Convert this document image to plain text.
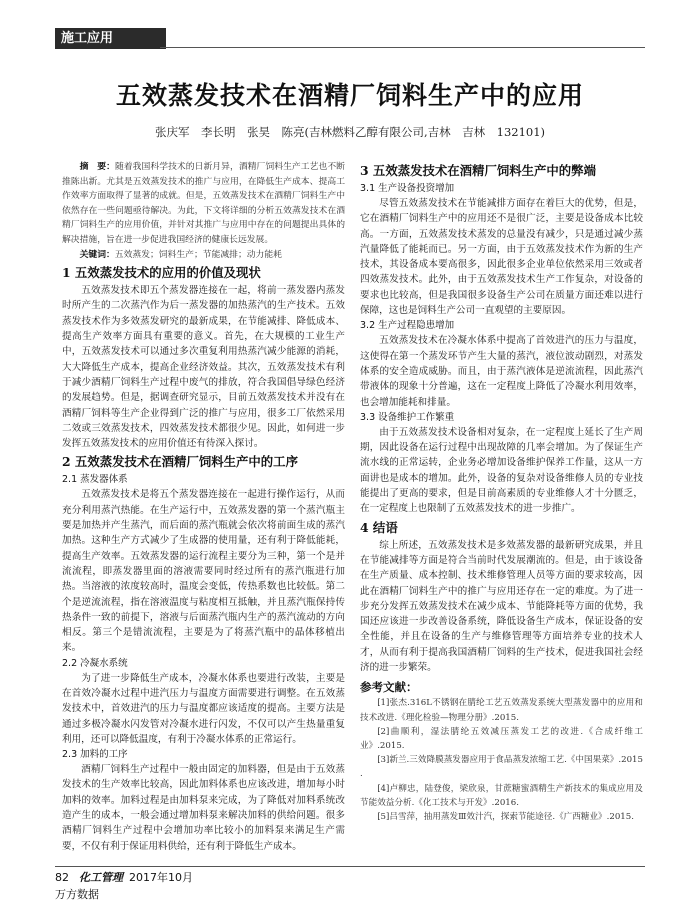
施工应用
五效蒸发技术在酒精厂饲料生产中的应用
张庆军　李长明　张昊　陈亮(吉林燃料乙醇有限公司,吉林　吉林　132101)

摘　要：随着我国科学技术的日新月异，酒精厂饲料生产工艺也不断推陈出新。尤其是五效蒸发技术的推广与应用，在降低生产成本、提高工作效率方面取得了显著的成就。但是，五效蒸发技术在酒精厂饲料生产中依然存在一些问题亟待解决。为此，下文将详细的分析五效蒸发技术在酒精厂饲料生产的应用价值，并针对其推广与应用中存在的问题提出具体的解决措施，旨在进一步促进我国经济的健康长远发展。

关键词：五效蒸发；饲料生产；节能减排；动力能耗

1 五效蒸发技术的应用的价值及现状

五效蒸发技术即五个蒸发器连接在一起，将前一蒸发器内蒸发时所产生的二次蒸汽作为后一蒸发器的加热蒸汽的生产技术。五效蒸发技术作为多效蒸发研究的最新成果，在节能减排、降低成本、提高生产效率方面具有重要的意义。首先，在大规模的工业生产中，五效蒸发技术可以通过多次重复利用热蒸汽减少能源的消耗，大大降低生产成本，提高企业经济效益。其次，五效蒸发技术有利于减少酒精厂饲料生产过程中废气的排放，符合我国倡导绿色经济的发展趋势。但是，据调查研究显示，目前五效蒸发技术并没有在酒精厂饲料等生产企业得到广泛的推广与应用，很多工厂依然采用二效或三效蒸发技术，四效蒸发技术都很少见。因此，如何进一步发挥五效蒸发技术的应用价值还有待深入探讨。

2 五效蒸发技术在酒精厂饲料生产中的工序
2.1 蒸发器体系

五效蒸发技术是将五个蒸发器连接在一起进行操作运行，从而充分利用蒸汽热能。在生产运行中，五效蒸发器的第一个蒸汽瓶主要是加热并产生蒸汽，而后面的蒸汽瓶就会依次将前面生成的蒸汽加热。这种生产方式减少了生成器的使用量，还有利于降低能耗，提高生产效率。五效蒸发器的运行流程主要分为三种，第一个是并流流程，即蒸发器里面的溶液需要同时经过所有的蒸汽瓶进行加热。当溶液的浓度较高时，温度会变低，传热系数也比较低。第二个是逆流流程，指在溶液温度与粘度相互抵触，并且蒸汽瓶保持传热条件一致的前提下，溶液与后面蒸汽瓶内生产的蒸汽流动的方向相反。第三个是错流流程，主要是为了将蒸汽瓶中的晶体移植出来。

2.2 冷凝水系统

为了进一步降低生产成本，冷凝水体系也要进行改装，主要是在首效冷凝水过程中进汽压力与温度方面需要进行调整。在五效蒸发技术中，首效进汽的压力与温度都应该适度的提高。主要方法是通过多极冷凝水闪发管对冷凝水进行闪发，不仅可以产生热量重复利用，还可以降低温度，有利于冷凝水体系的正常运行。

2.3 加料的工序

酒精厂饲料生产过程中一般由固定的加料器，但是由于五效蒸发技术的生产效率比较高，因此加料体系也应该改进，增加每小时加料的效率。加料过程是由加料泵来完成，为了降低对加料系统改造产生的成本，一般会通过增加料泵来解决加料的供给问题。很多酒精厂饲料生产过程中会增加功率比较小的加料泵来满足生产需要，不仅有利于保证用料供给，还有利于降低生产成本。

3 五效蒸发技术在酒精厂饲料生产中的弊端
3.1 生产设备投资增加

尽管五效蒸发技术在节能减排方面存在着巨大的优势，但是，它在酒精厂饲料生产中的应用还不是很广泛，主要是设备成本比较高。一方面，五效蒸发技术蒸发的总量没有减少，只是通过减少蒸汽量降低了能耗而已。另一方面，由于五效蒸发技术作为新的生产技术，其设备成本要高很多，因此很多企业单位依然采用三效或者四效蒸发技术。此外，由于五效蒸发技术生产工作复杂，对设备的要求也比较高，但是我国很多设备生产公司在质量方面还难以进行保障，这也是饲料生产公司一直观望的主要原因。

3.2 生产过程隐患增加

五效蒸发技术在冷凝水体系中提高了首效进汽的压力与温度，这使得在第一个蒸发环节产生大量的蒸汽，液位波动剧烈，对蒸发体系的安全造成威胁。而且，由于蒸汽液体是逆流流程，因此蒸汽带液体的现象十分普遍，这在一定程度上降低了冷凝水利用效率，也会增加能耗和排量。

3.3 设备维护工作繁重

由于五效蒸发技术设备相对复杂，在一定程度上延长了生产周期，因此设备在运行过程中出现故障的几率会增加。为了保证生产流水线的正常运转，企业务必增加设备维护保养工作量，这从一方面讲也是成本的增加。此外，设备的复杂对设备维修人员的专业技能提出了更高的要求，但是目前高素质的专业维修人才十分匮乏，在一定程度上也限制了五效蒸发技术的进一步推广。

4 结语

综上所述，五效蒸发技术是多效蒸发器的最新研究成果，并且在节能减排等方面是符合当前时代发展潮流的。但是，由于该设备在生产质量、成本控制、技术维修管理人员等方面的要求较高，因此在酒精厂饲料生产中的推广与应用还存在一定的难度。为了进一步充分发挥五效蒸发技术在减少成本、节能降耗等方面的优势，我国还应该进一步改善设备系统，降低设备生产成本，保证设备的安全性能，并且在设备的生产与维修管理等方面培养专业的技术人才，从而有利于提高我国酒精厂饲料的生产技术，促进我国社会经济的进一步繁荣。

参考文献：

[1]张杰.316L不锈钢在腈纶工艺五效蒸发系统大型蒸发器中的应用和技术改进.《理化检验—物理分册》.2015.

[2]曲顺利，湿法腈纶五效减压蒸发工艺的改进.《合成纤维工业》.2015.

[3]新兰.三效降膜蒸发器应用于食品蒸发浓缩工艺.《中国果菜》.2015 .

[4]卢柳忠，陆登俊，梁欣泉，甘蔗糖蜜酒精生产新技术的集成应用及节能效益分析.《化工技术与开发》.2016.

[5]吕雪萍，抽用蒸发Ⅲ效汁汽，探索节能途径.《广西糖业》.2015.

82 化工管理 2017年10月
万方数据
